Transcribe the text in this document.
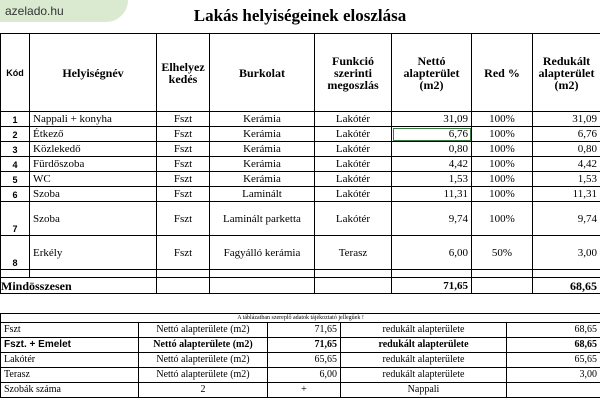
azelado.hu	Lakás helyiségeinek eloszlása
Kód	Helyiségnév	Elhelyez kedés	Burkolat	Funkció szerinti megoszlás	Nettó alapterület (m2)	Red %	Redukált alapterület (m2)
1	Nappali + konyha	Fszt	Kerámia	Lakótér	31,09	100%	31,09
2	Étkező	Fszt	Kerámia	Lakótér	6,76	100%	6,76
3	Közlekedő	Fszt	Kerámia	Lakótér	0,80	100%	0,80
4	Fürdőszoba	Fszt	Kerámia	Lakótér	4,42	100%	4,42
5	WC	Fszt	Kerámia	Lakótér	1,53	100%	1,53
6	Szoba	Fszt	Laminált	Lakótér	11,31	100%	11,31
7	Szoba	Fszt	Laminált parketta	Lakótér	9,74	100%	9,74
8	Erkély	Fszt	Fagyálló kerámia	Terasz	6,00	50%	3,00

Mindösszesen					71,65		68,65
A táblázatban szereplő adatok tájékoztató jellegűek !				
Fszt	Nettó alapterülete (m2)	71,65	redukált alapterülete	68,65
Fszt. + Emelet	Nettó alapterülete (m2)	71,65	redukált alapterülete	68,65
Lakótér	Nettó alapterülete (m2)	65,65	redukált alapterülete	65,65
Terasz	Nettó alapterülete (m2)	6,00	redukált alapterülete	3,00
Szobák száma	2	+	Nappali	
